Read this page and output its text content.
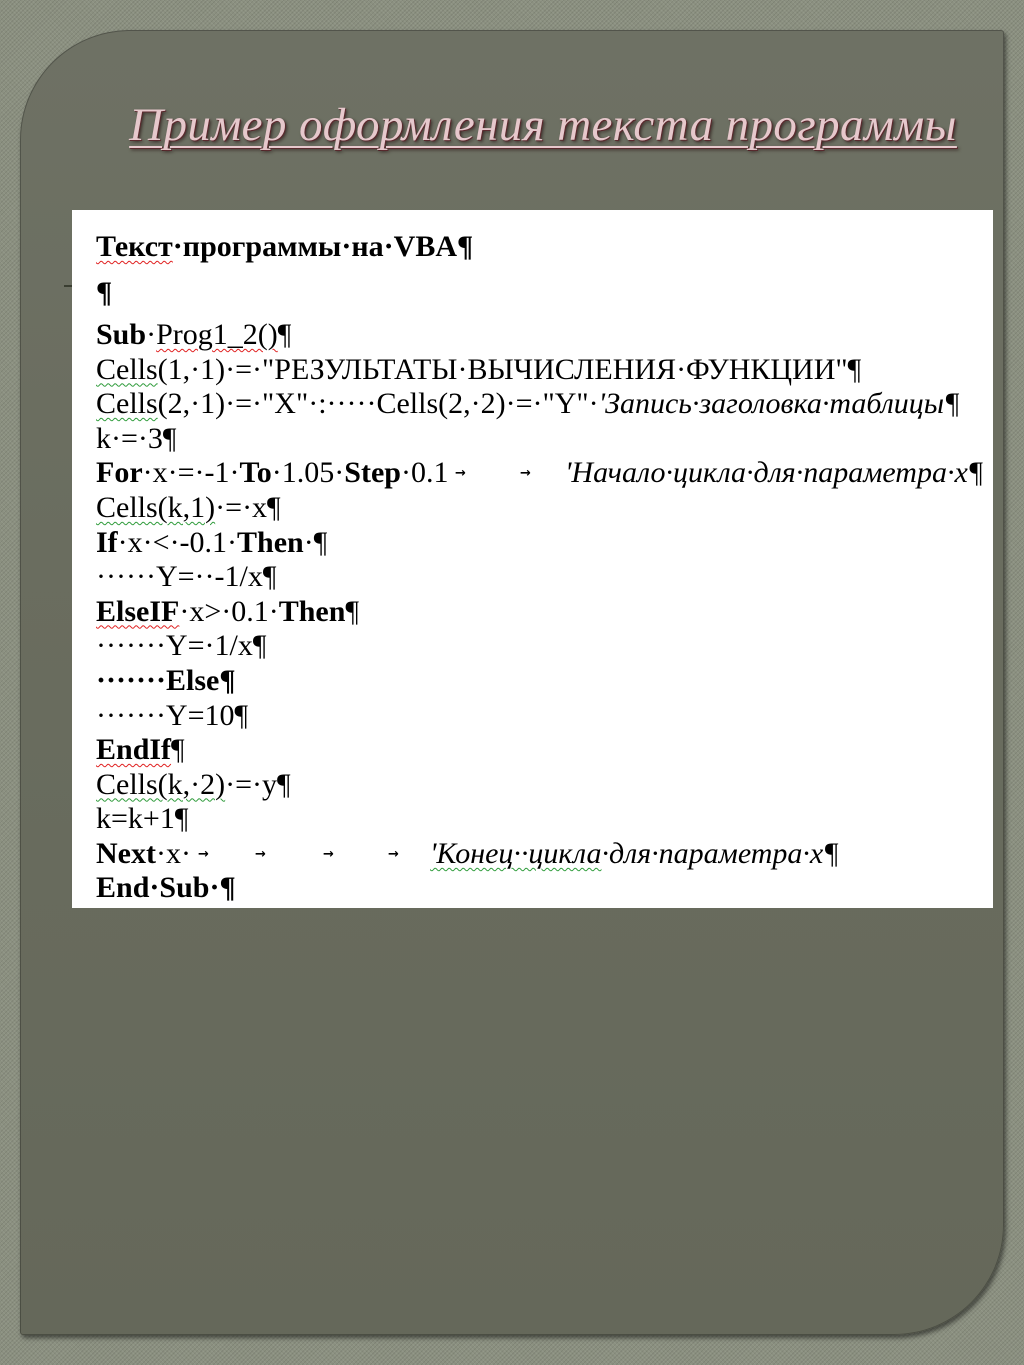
Пример оформления текста программы
Текст·программы·на·VBA¶
¶
Sub·Prog1_2()¶
Cells(1,·1)·=·"РЕЗУЛЬТАТЫ·ВЫЧИСЛЕНИЯ·ФУНКЦИИ"¶
Cells(2,·1)·=·"X"·:·····Cells(2,·2)·=·"Y"·'Запись·заголовка·таблицы¶
k·=·3¶
For·x·=·-1·To·1.05·Step·0.1 →	→ 'Начало·цикла·для·параметра·x¶
Cells(k,1)·=·x¶
If·x·<·-0.1·Then·¶
······Y=··-1/x¶
ElseIF·x>·0.1·Then¶
·······Y=·1/x¶
·······Else¶
·······Y=10¶
EndIf¶
Cells(k,·2)·=·y¶
k=k+1¶
Next·x· →	→	→	→ 'Конец··цикла·для·параметра·x¶
End·Sub·¶
